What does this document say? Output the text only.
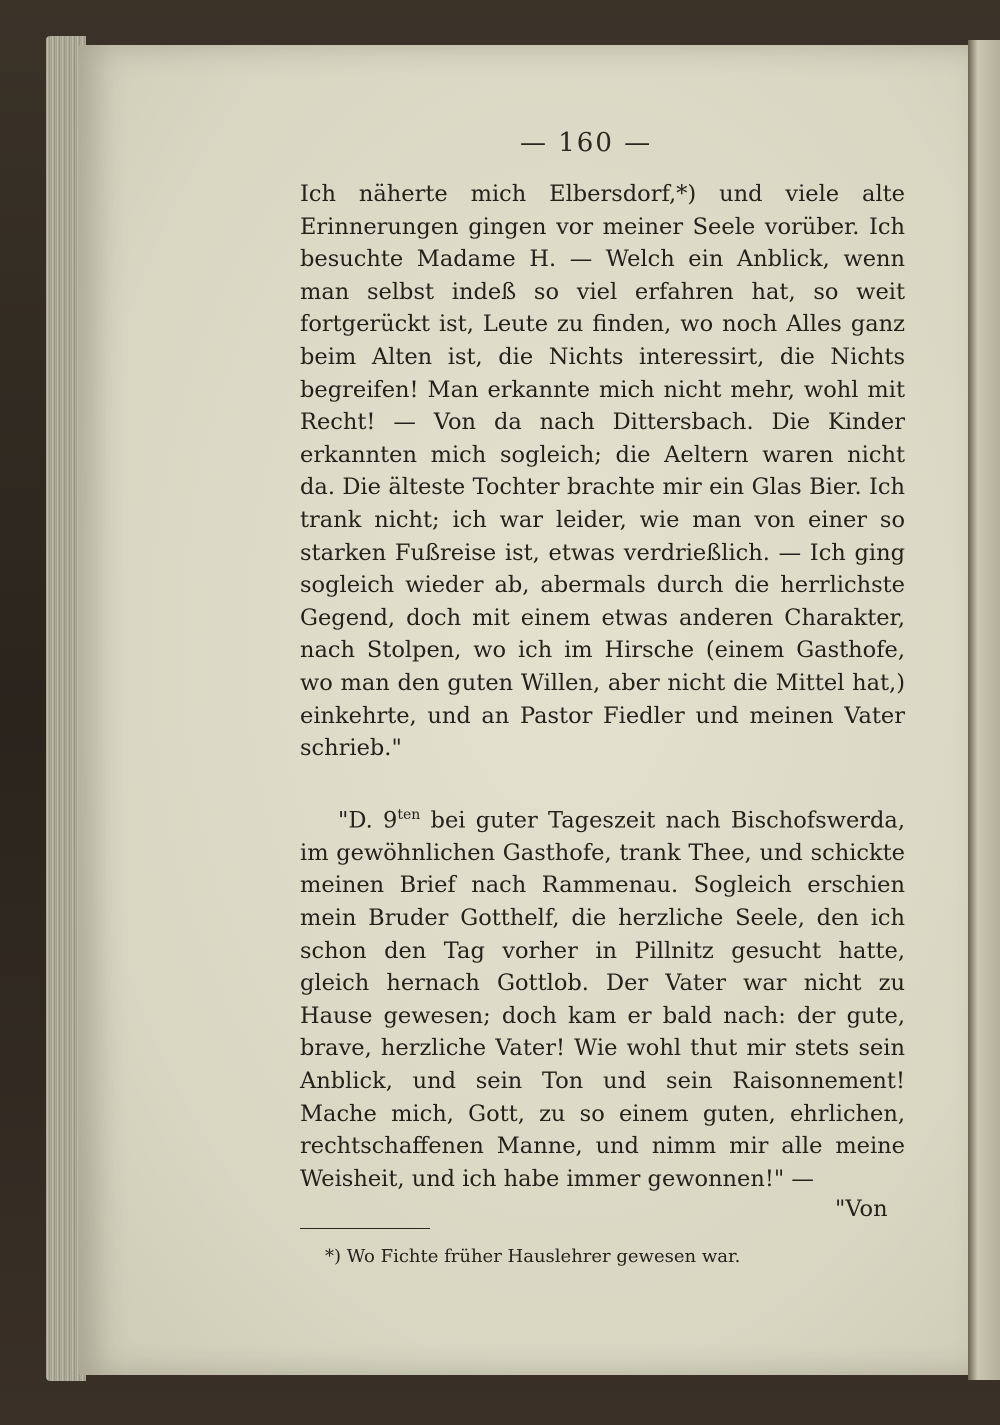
— 160 —

Ich näherte mich Elbersdorf,*) und viele alte Erinnerungen gingen vor meiner Seele vorüber. Ich besuchte Madame H. — Welch ein Anblick, wenn man selbst indeß so viel erfahren hat, so weit fortgerückt ist, Leute zu finden, wo noch Alles ganz beim Alten ist, die Nichts interessirt, die Nichts begreifen! Man erkannte mich nicht mehr, wohl mit Recht! — Von da nach Dittersbach. Die Kinder erkannten mich sogleich; die Aeltern waren nicht da. Die älteste Tochter brachte mir ein Glas Bier. Ich trank nicht; ich war leider, wie man von einer so starken Fußreise ist, etwas verdrießlich. — Ich ging sogleich wieder ab, abermals durch die herrlichste Gegend, doch mit einem etwas anderen Charakter, nach Stolpen, wo ich im Hirsche (einem Gasthofe, wo man den guten Willen, aber nicht die Mittel hat,) einkehrte, und an Pastor Fiedler und meinen Vater schrieb."

"D. $9^{ten}$ bei guter Tageszeit nach Bischofswerda, im gewöhnlichen Gasthofe, trank Thee, und schickte meinen Brief nach Rammenau. Sogleich erschien mein Bruder Gotthelf, die herzliche Seele, den ich schon den Tag vorher in Pillnitz gesucht hatte, gleich hernach Gottlob. Der Vater war nicht zu Hause gewesen; doch kam er bald nach: der gute, brave, herzliche Vater! Wie wohl thut mir stets sein Anblick, und sein Ton und sein Raisonnement! Mache mich, Gott, zu so einem guten, ehrlichen, rechtschaffenen Manne, und nimm mir alle meine Weisheit, und ich habe immer gewonnen!" —

"Von
*) Wo Fichte früher Hauslehrer gewesen war.
